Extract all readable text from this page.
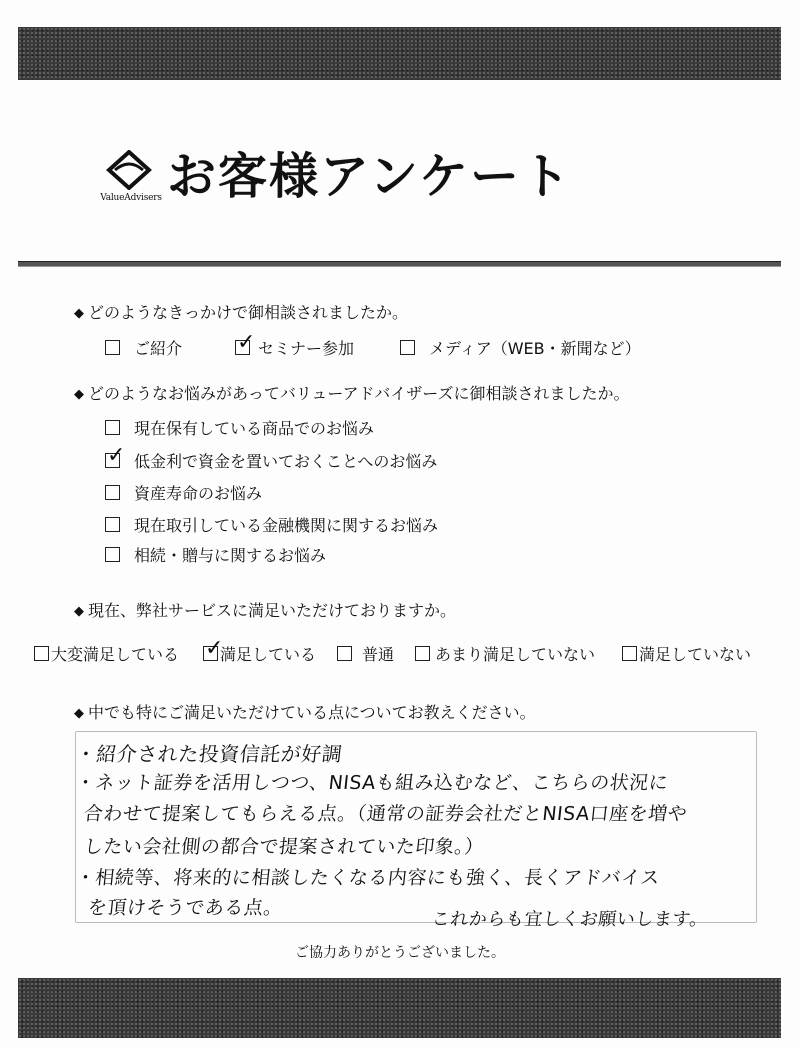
ValueAdvisers お客様アンケート
◆ どのようなきっかけで御相談されましたか。
ご紹介 ✓	セミナー参加	メディア（WEB・新聞など）
◆ どのようなお悩みがあってバリューアドバイザーズに御相談されましたか。
現在保有している商品でのお悩み
✓
低金利で資金を置いておくことへのお悩み
資産寿命のお悩み
現在取引している金融機関に関するお悩み
相続・贈与に関するお悩み
◆ 現在、弊社サービスに満足いただけておりますか。
大変満足している ✓	満足している	普通	あまり満足していない	満足していない
◆ 中でも特にご満足いただけている点についてお教えください。
・紹介された投資信託が好調
・ネット証券を活用しつつ、NISAも組み込むなど、こちらの状況に
合わせて提案してもらえる点。（通常の証券会社だとNISA口座を増や
したい会社側の都合で提案されていた印象。）
・相続等、将来的に相談したくなる内容にも強く、長くアドバイス
を頂けそうである点。
これからも宜しくお願いします。
ご協力ありがとうございました。
